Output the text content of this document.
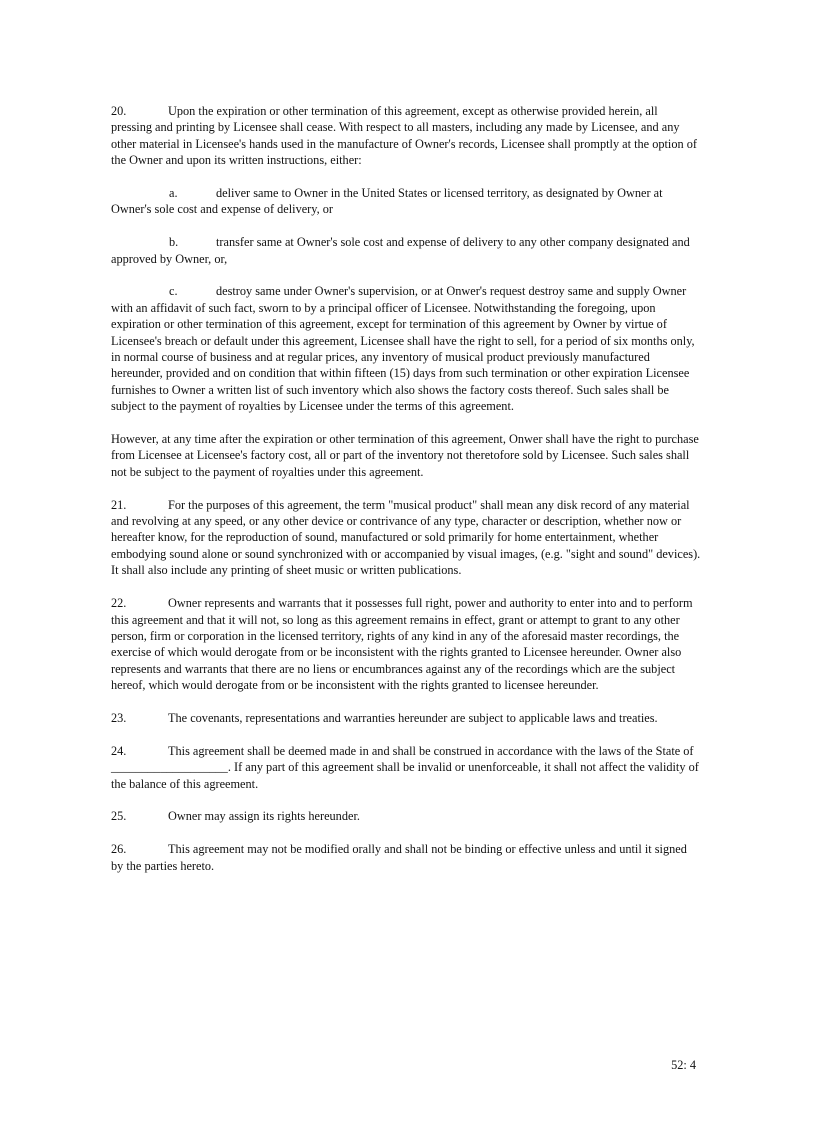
20.	Upon the expiration or other termination of this agreement, except as otherwise provided herein, all pressing and printing by Licensee shall cease. With respect to all masters, including any made by Licensee, and any other material in Licensee's hands used in the manufacture of Owner's records, Licensee shall promptly at the option of the Owner and upon its written instructions, either:

a.	deliver same to Owner in the United States or licensed territory, as designated by Owner at Owner's sole cost and expense of delivery, or

b.	transfer same at Owner's sole cost and expense of delivery to any other company designated and approved by Owner, or,

c.	destroy same under Owner's supervision, or at Onwer's request destroy same and supply Owner with an affidavit of such fact, sworn to by a principal officer of Licensee. Notwithstanding the foregoing, upon expiration or other termination of this agreement, except for termination of this agreement by Owner by virtue of Licensee's breach or default under this agreement, Licensee shall have the right to sell, for a period of six months only, in normal course of business and at regular prices, any inventory of musical product previously manufactured hereunder, provided and on condition that within fifteen (15) days from such termination or other expiration Licensee furnishes to Owner a written list of such inventory which also shows the factory costs thereof. Such sales shall be subject to the payment of royalties by Licensee under the terms of this agreement.

However, at any time after the expiration or other termination of this agreement, Onwer shall have the right to purchase from Licensee at Licensee's factory cost, all or part of the inventory not theretofore sold by Licensee. Such sales shall not be subject to the payment of royalties under this agreement.

21.	For the purposes of this agreement, the term "musical product" shall mean any disk record of any material and revolving at any speed, or any other device or contrivance of any type, character or description, whether now or hereafter know, for the reproduction of sound, manufactured or sold primarily for home entertainment, whether embodying sound alone or sound synchronized with or accompanied by visual images, (e.g. "sight and sound" devices). It shall also include any printing of sheet music or written publications.

22.	Owner represents and warrants that it possesses full right, power and authority to enter into and to perform this agreement and that it will not, so long as this agreement remains in effect, grant or attempt to grant to any other person, firm or corporation in the licensed territory, rights of any kind in any of the aforesaid master recordings, the exercise of which would derogate from or be inconsistent with the rights granted to Licensee hereunder. Owner also represents and warrants that there are no liens or encumbrances against any of the recordings which are the subject hereof, which would derogate from or be inconsistent with the rights granted to licensee hereunder.

23.	The covenants, representations and warranties hereunder are subject to applicable laws and treaties.

24.	This agreement shall be deemed made in and shall be construed in accordance with the laws of the State of ___________________. If any part of this agreement shall be invalid or unenforceable, it shall not affect the validity of the balance of this agreement.

25.	Owner may assign its rights hereunder.

26.	This agreement may not be modified orally and shall not be binding or effective unless and until it signed by the parties hereto.

52: 4
